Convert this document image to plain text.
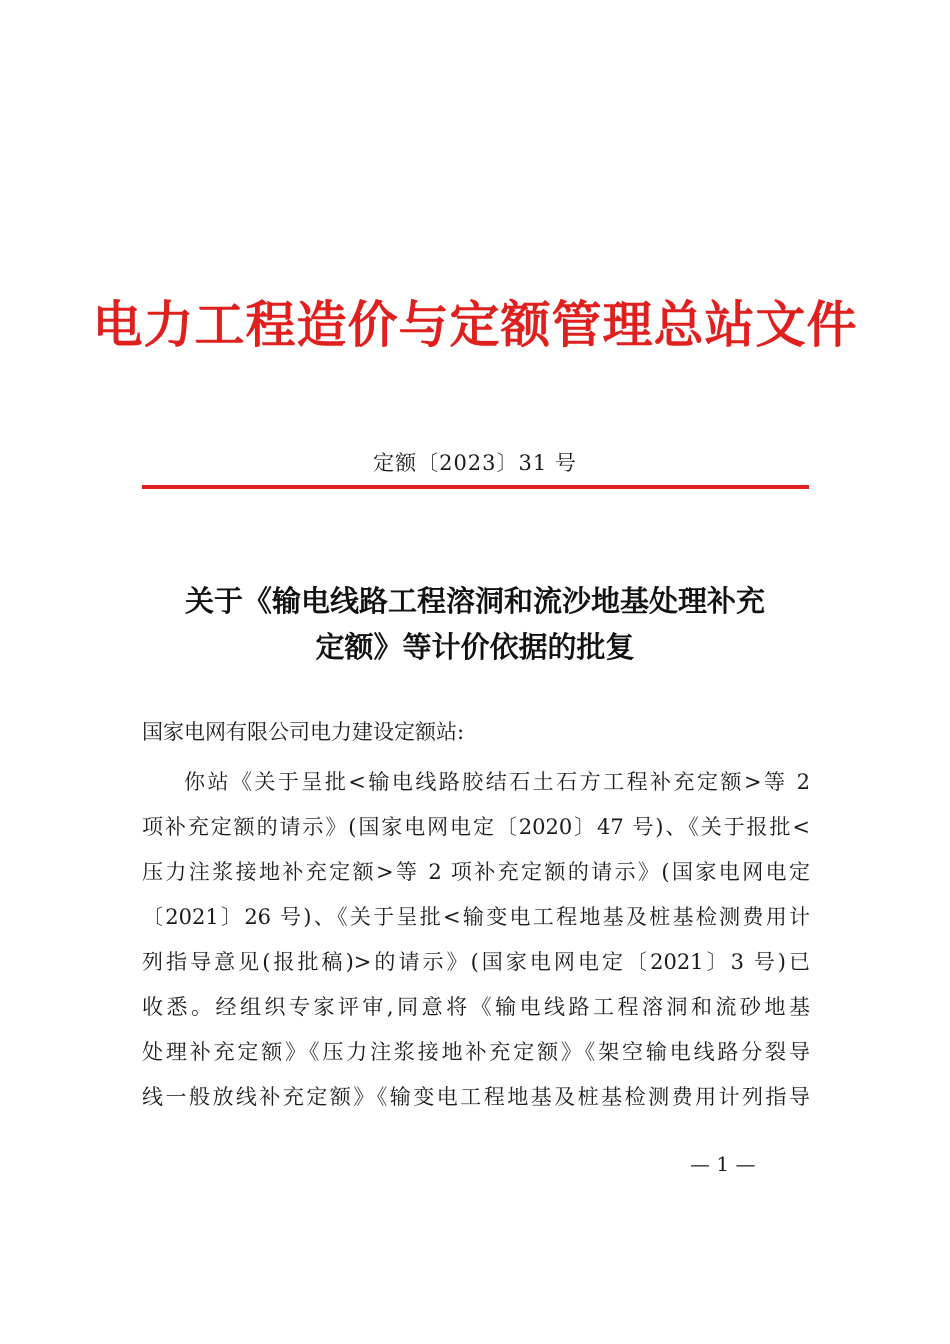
电力工程造价与定额管理总站文件
定额〔2023〕31 号
关于《输电线路工程溶洞和流沙地基处理补充
定额》等计价依据的批复
国家电网有限公司电力建设定额站:
你站《关于呈批<输电线路胶结石土石方工程补充定额>等 2
项补充定额的请示》(国家电网电定〔2020〕47 号)、《关于报批<
压力注浆接地补充定额>等 2 项补充定额的请示》(国家电网电定
〔2021〕26 号)、《关于呈批<输变电工程地基及桩基检测费用计
列指导意见(报批稿)>的请示》(国家电网电定〔2021〕3 号)已
收悉。经组织专家评审,同意将《输电线路工程溶洞和流砂地基
处理补充定额》《压力注浆接地补充定额》《架空输电线路分裂导
线一般放线补充定额》《输变电工程地基及桩基检测费用计列指导
— 1 —
